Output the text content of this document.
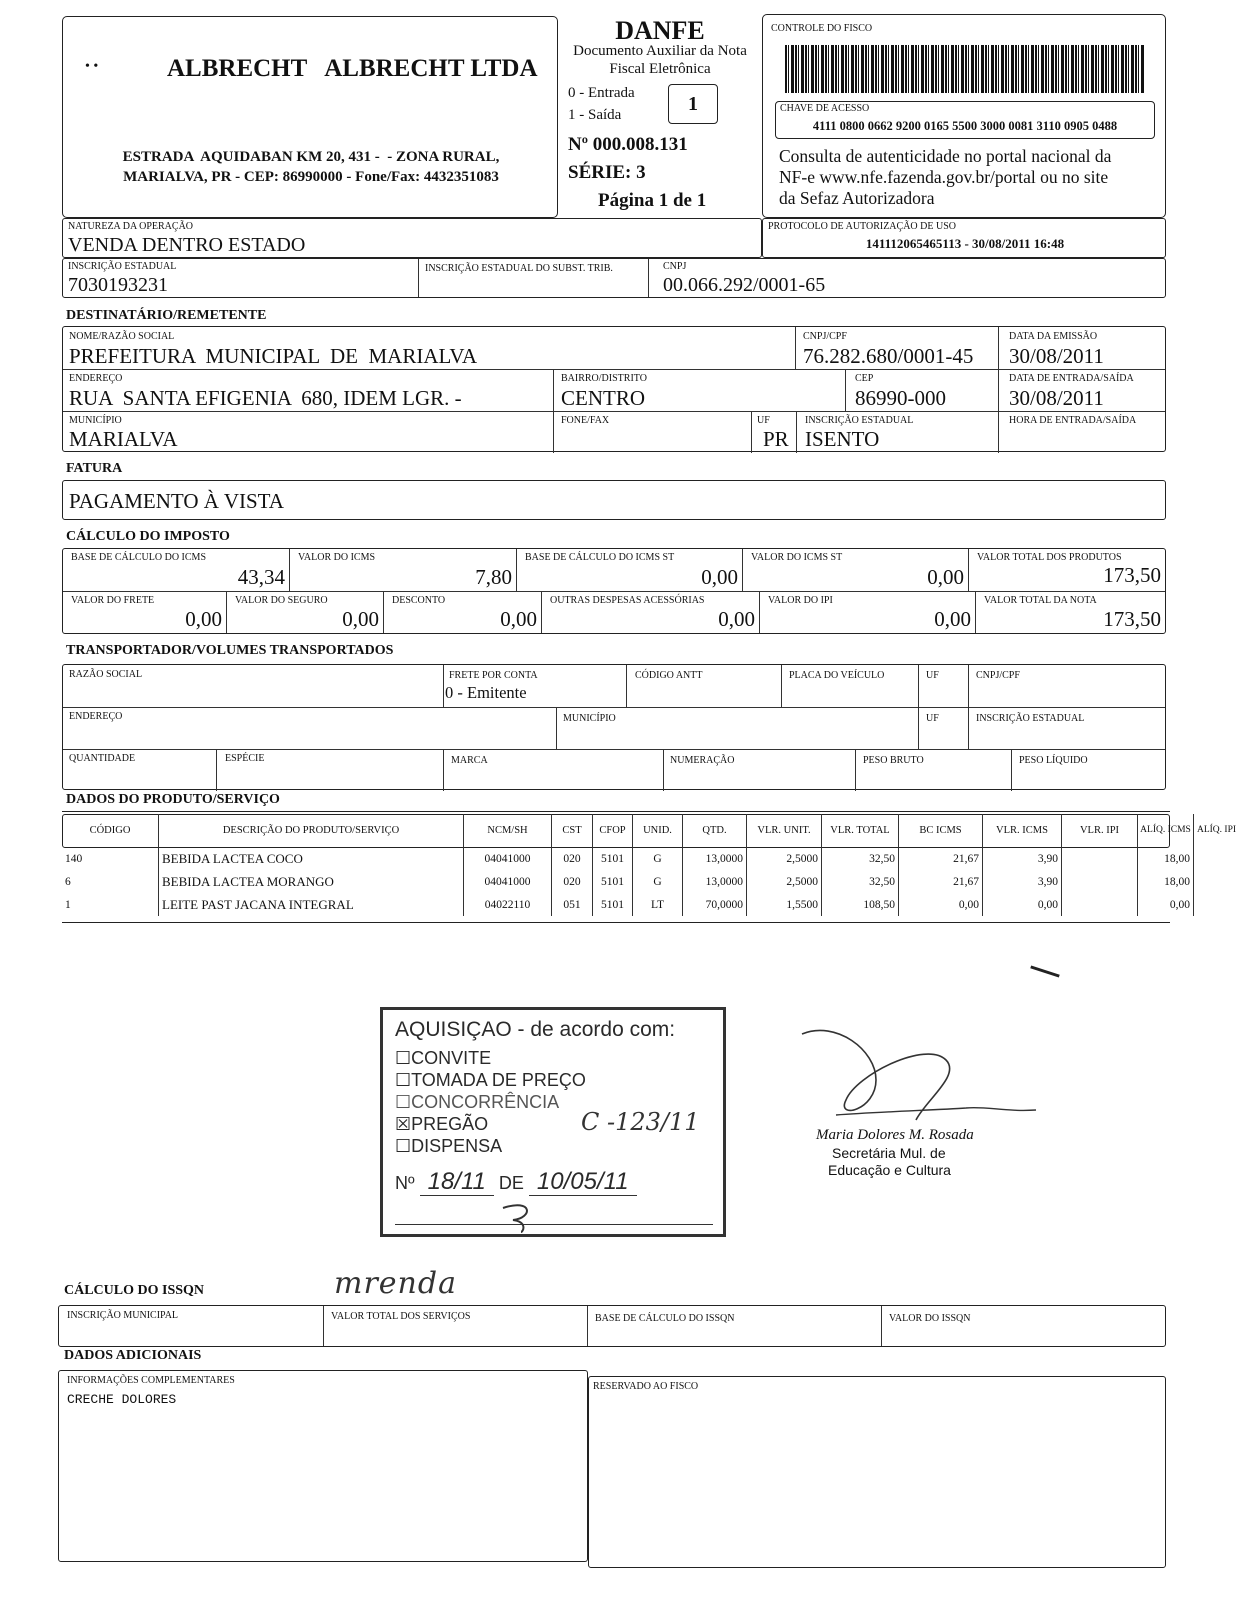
• •	ALBRECHT   ALBRECHT LTDA
ESTRADA  AQUIDABAN KM 20, 431 -  - ZONA RURAL,
MARIALVA, PR - CEP: 86990000 - Fone/Fax: 4432351083
DANFE
Documento Auxiliar da Nota
Fiscal Eletrônica
0 - Entrada
1 - Saída	1
Nº 000.008.131
SÉRIE: 3
Página 1 de 1
CONTROLE DO FISCO
CHAVE DE ACESSO
4111 0800 0662 9200 0165 5500 3000 0081 3110 0905 0488
Consulta de autenticidade no portal nacional da
NF-e www.nfe.fazenda.gov.br/portal ou no site
da Sefaz Autorizadora
NATUREZA DA OPERAÇÃO
VENDA DENTRO ESTADO
PROTOCOLO DE AUTORIZAÇÃO DE USO
141112065465113 - 30/08/2011 16:48
INSCRIÇÃO ESTADUAL
7030193231
INSCRIÇÃO ESTADUAL DO SUBST. TRIB.	CNPJ
00.066.292/0001-65
DESTINATÁRIO/REMETENTE
NOME/RAZÃO SOCIAL
PREFEITURA  MUNICIPAL  DE  MARIALVA
CNPJ/CPF
76.282.680/0001-45
DATA DA EMISSÃO
30/08/2011
ENDEREÇO
RUA  SANTA EFIGENIA  680, IDEM LGR. -
BAIRRO/DISTRITO
CENTRO
CEP
86990-000
DATA DE ENTRADA/SAÍDA
30/08/2011
MUNICÍPIO
MARIALVA
FONE/FAX	UF
PR
INSCRIÇÃO ESTADUAL
ISENTO
HORA DE ENTRADA/SAÍDA
FATURA
PAGAMENTO À VISTA
CÁLCULO DO IMPOSTO
BASE DE CÁLCULO DO ICMS
43,34
VALOR DO ICMS
7,80
BASE DE CÁLCULO DO ICMS ST
0,00
VALOR DO ICMS ST
0,00
VALOR TOTAL DOS PRODUTOS
173,50
VALOR DO FRETE
0,00
VALOR DO SEGURO
0,00
DESCONTO
0,00
OUTRAS DESPESAS ACESSÓRIAS
0,00
VALOR DO IPI
0,00
VALOR TOTAL DA NOTA
173,50
TRANSPORTADOR/VOLUMES TRANSPORTADOS
RAZÃO SOCIAL	FRETE POR CONTA
0 - Emitente
CÓDIGO ANTT	PLACA DO VEÍCULO	UF	CNPJ/CPF
ENDEREÇO	MUNICÍPIO	UF	INSCRIÇÃO ESTADUAL
QUANTIDADE	ESPÉCIE	MARCA	NUMERAÇÃO	PESO BRUTO	PESO LÍQUIDO
DADOS DO PRODUTO/SERVIÇO
CÓDIGO	DESCRIÇÃO DO PRODUTO/SERVIÇO	NCM/SH	CST	CFOP	UNID.	QTD.	VLR. UNIT.	VLR. TOTAL	BC ICMS	VLR. ICMS	VLR. IPI	ALÍQ. ICMS	ALÍQ. IPI
140	BEBIDA LACTEA COCO	04041000	020	5101	G	13,0000	2,5000	32,50	21,67	3,90		18,00	
6	BEBIDA LACTEA MORANGO	04041000	020	5101	G	13,0000	2,5000	32,50	21,67	3,90		18,00	
1	LEITE PAST JACANA INTEGRAL	04022110	051	5101	LT	70,0000	1,5500	108,50	0,00	0,00		0,00	
AQUISIÇAO - de acordo com:
☐CONVITE
☐TOMADA DE PREÇO
☐CONCORRÊNCIA
☒PREGÃO	C -123/11
☐DISPENSA
Nº 18/11 DE 10/05/11
Maria Dolores M. Rosada
Secretária Mul. de
Educação e Cultura
CÁLCULO DO ISSQN	mrenda
INSCRIÇÃO MUNICIPAL	VALOR TOTAL DOS SERVIÇOS	BASE DE CÁLCULO DO ISSQN	VALOR DO ISSQN
DADOS ADICIONAIS
INFORMAÇÕES COMPLEMENTARES
CRECHE DOLORES
RESERVADO AO FISCO
